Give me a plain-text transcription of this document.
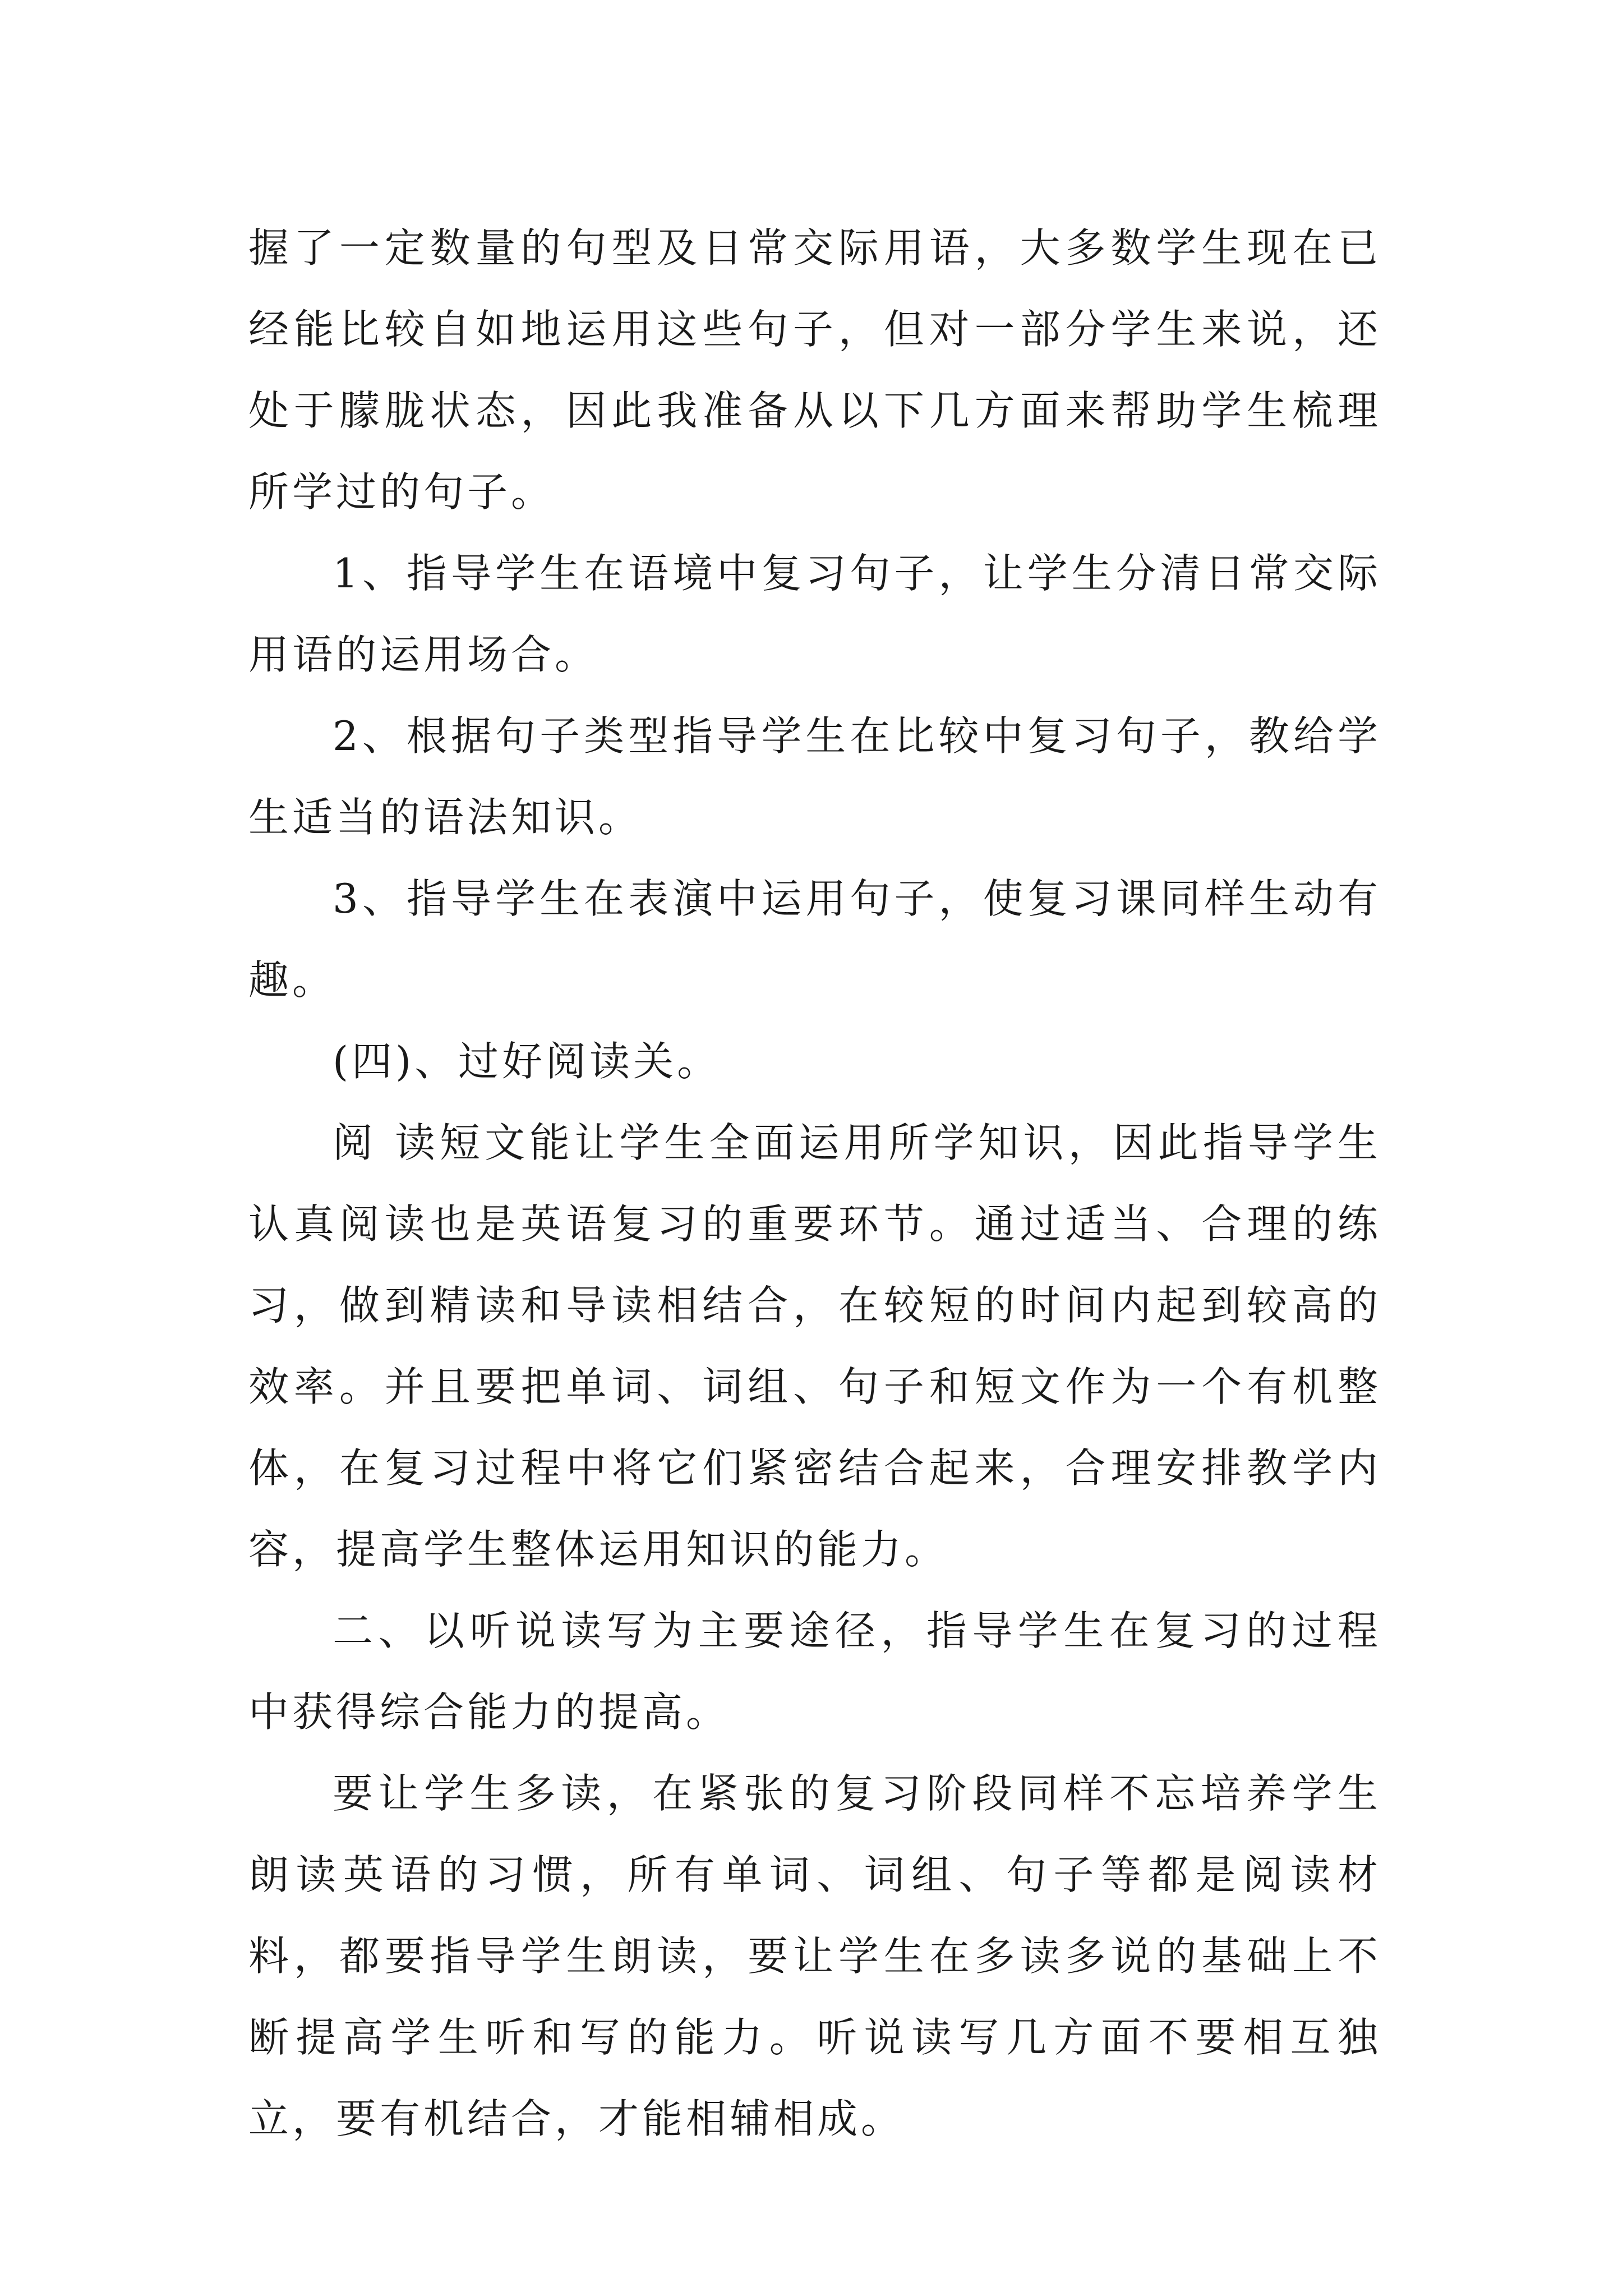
握了一定数量的句型及日常交际用语，大多数学生现在已经能比较自如地运用这些句子，但对一部分学生来说，还处于朦胧状态，因此我准备从以下几方面来帮助学生梳理所学过的句子。

1、指导学生在语境中复习句子，让学生分清日常交际用语的运用场合。

2、根据句子类型指导学生在比较中复习句子，教给学生适当的语法知识。

3、指导学生在表演中运用句子，使复习课同样生动有趣。

(四)、过好阅读关。

阅 读短文能让学生全面运用所学知识，因此指导学生认真阅读也是英语复习的重要环节。通过适当、合理的练习，做到精读和导读相结合，在较短的时间内起到较高的 效率。并且要把单词、词组、句子和短文作为一个有机整体，在复习过程中将它们紧密结合起来，合理安排教学内容，提高学生整体运用知识的能力。

二、以听说读写为主要途径，指导学生在复习的过程中获得综合能力的提高。

要让学生多读，在紧张的复习阶段同样不忘培养学生朗读英语的习惯，所有单词、词组、句子等都是阅读材料，都要指导学生朗读，要让学生在多读多说的基础上不断提高学生听和写的能力。听说读写几方面不要相互独立，要有机结合，才能相辅相成。
